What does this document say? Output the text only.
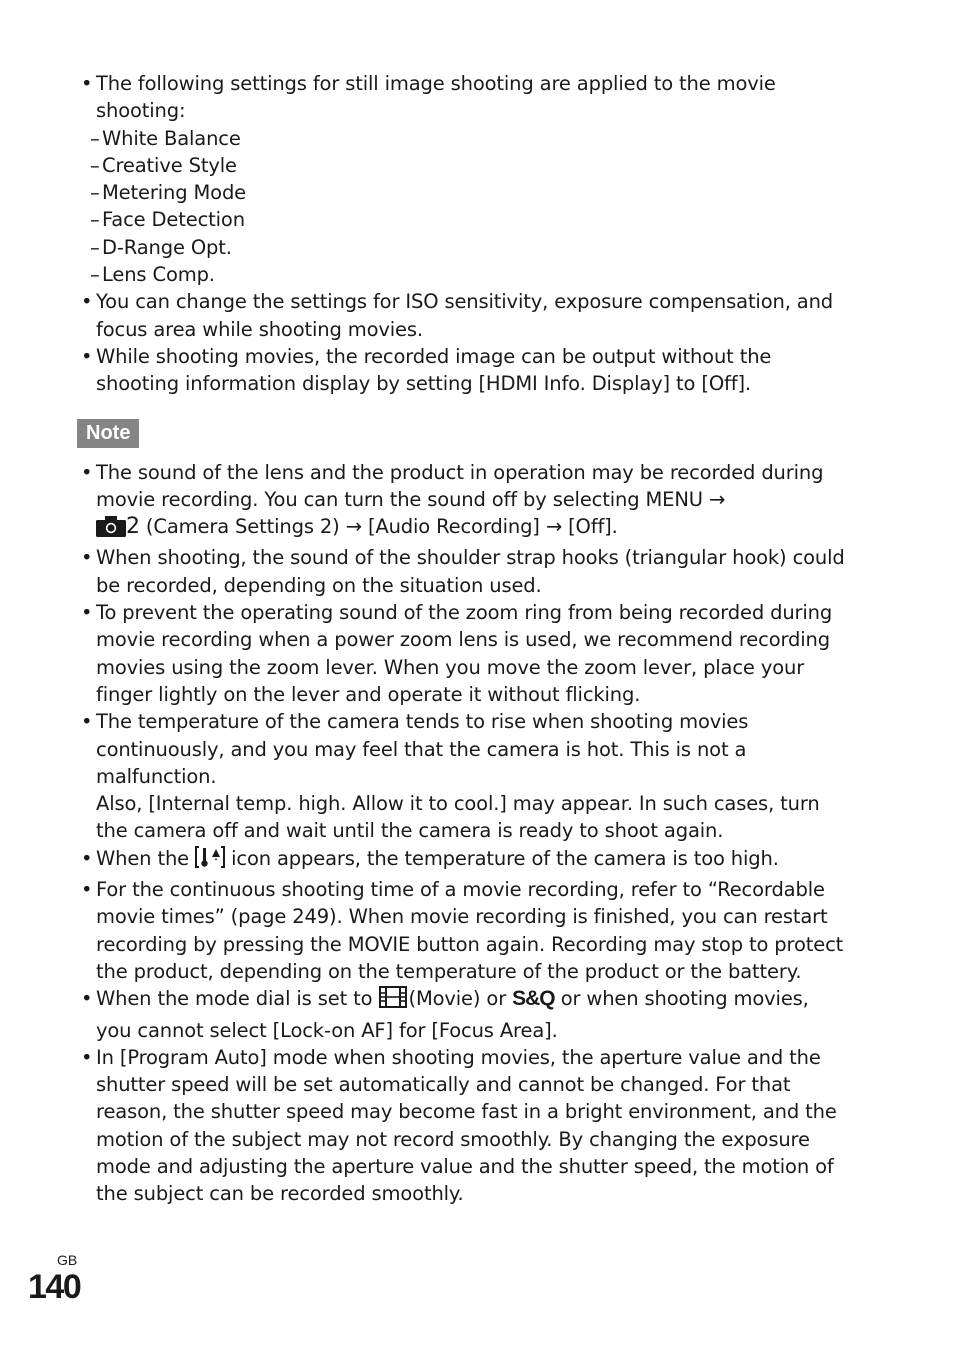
• The following settings for still image shooting are applied to the movie shooting:

– White Balance
– Creative Style
– Metering Mode
– Face Detection
– D-Range Opt.
– Lens Comp.

• You can change the settings for ISO sensitivity, exposure compensation, and focus area while shooting movies.

• While shooting movies, the recorded image can be output without the shooting information display by setting [HDMI Info. Display] to [Off].

Note

• The sound of the lens and the product in operation may be recorded during movie recording. You can turn the sound off by selecting MENU →
2 (Camera Settings 2) → [Audio Recording] → [Off].

• When shooting, the sound of the shoulder strap hooks (triangular hook) could be recorded, depending on the situation used.

• To prevent the operating sound of the zoom ring from being recorded during movie recording when a power zoom lens is used, we recommend recording movies using the zoom lever. When you move the zoom lever, place your finger lightly on the lever and operate it without flicking.

• The temperature of the camera tends to rise when shooting movies continuously, and you may feel that the camera is hot. This is not a malfunction.
Also, [Internal temp. high. Allow it to cool.] may appear. In such cases, turn the camera off and wait until the camera is ready to shoot again.

• When the icon appears, the temperature of the camera is too high.

• For the continuous shooting time of a movie recording, refer to “Recordable movie times” (page 249). When movie recording is finished, you can restart recording by pressing the MOVIE button again. Recording may stop to protect the product, depending on the temperature of the product or the battery.

• When the mode dial is set to (Movie) or S&Q or when shooting movies, you cannot select [Lock-on AF] for [Focus Area].

• In [Program Auto] mode when shooting movies, the aperture value and the shutter speed will be set automatically and cannot be changed. For that reason, the shutter speed may become fast in a bright environment, and the motion of the subject may not record smoothly. By changing the exposure mode and adjusting the aperture value and the shutter speed, the motion of the subject can be recorded smoothly.

GB
140
